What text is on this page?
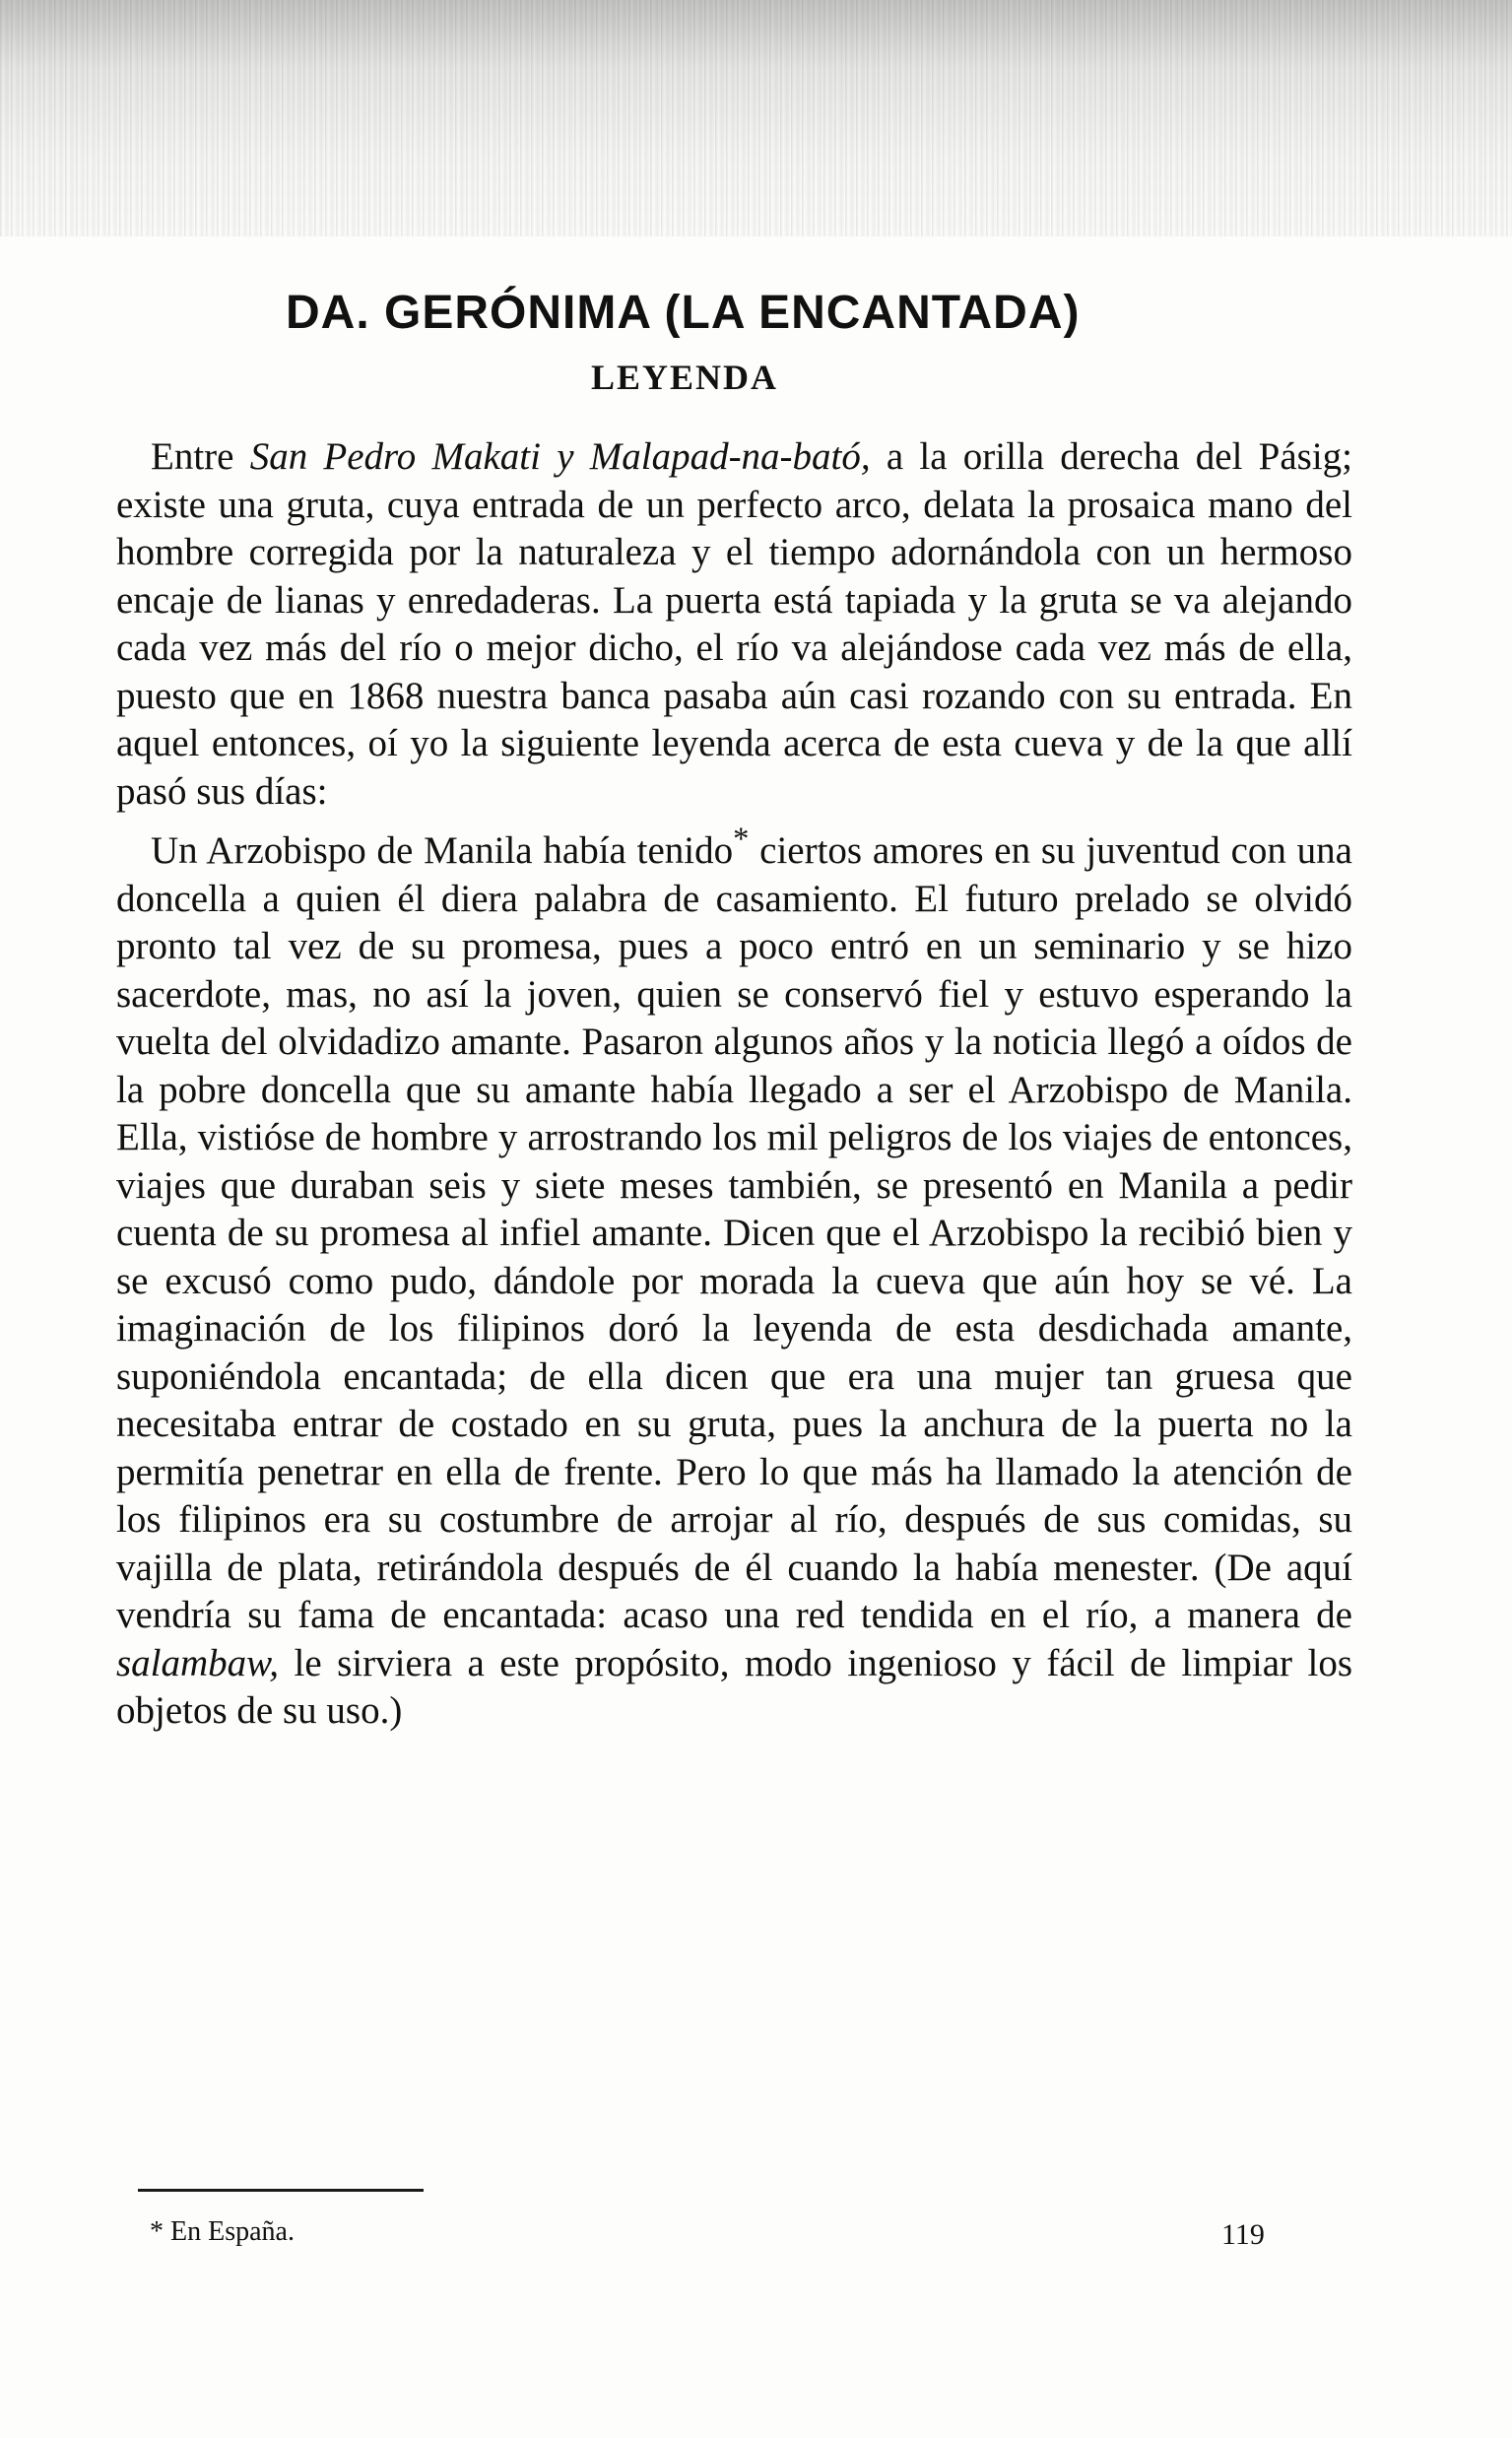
DA. GERÓNIMA (LA ENCANTADA)
LEYENDA

Entre San Pedro Makati y Malapad-na-bató, a la orilla derecha del Pásig; existe una gruta, cuya entrada de un perfecto arco, delata la prosaica mano del hombre corregida por la naturaleza y el tiempo adornándola con un hermoso encaje de lianas y enredaderas. La puerta está tapiada y la gruta se va alejando cada vez más del río o mejor dicho, el río va alejándose cada vez más de ella, puesto que en 1868 nuestra banca pasaba aún casi rozando con su entrada. En aquel entonces, oí yo la siguiente leyenda acerca de esta cueva y de la que allí pasó sus días:

Un Arzobispo de Manila había tenido* ciertos amores en su juventud con una doncella a quien él diera palabra de casamiento. El futuro prelado se olvidó pronto tal vez de su promesa, pues a poco entró en un seminario y se hizo sacerdote, mas, no así la joven, quien se conservó fiel y estuvo esperando la vuelta del olvidadizo amante. Pasaron algunos años y la noticia llegó a oídos de la pobre doncella que su amante había llegado a ser el Arzobispo de Manila. Ella, vistióse de hombre y arrostrando los mil peligros de los viajes de entonces, viajes que duraban seis y siete meses también, se presentó en Manila a pedir cuenta de su promesa al infiel amante. Dicen que el Arzobispo la recibió bien y se excusó como pudo, dándole por morada la cueva que aún hoy se vé. La imaginación de los filipinos doró la leyenda de esta desdichada amante, suponiéndola encantada; de ella dicen que era una mujer tan gruesa que necesitaba entrar de costado en su gruta, pues la anchura de la puerta no la permitía penetrar en ella de frente. Pero lo que más ha llamado la atención de los filipinos era su costumbre de arrojar al río, después de sus comidas, su vajilla de plata, retirándola después de él cuando la había menester. (De aquí vendría su fama de encantada: acaso una red tendida en el río, a manera de salambaw, le sirviera a este propósito, modo ingenioso y fácil de limpiar los objetos de su uso.)

* En España.	119
